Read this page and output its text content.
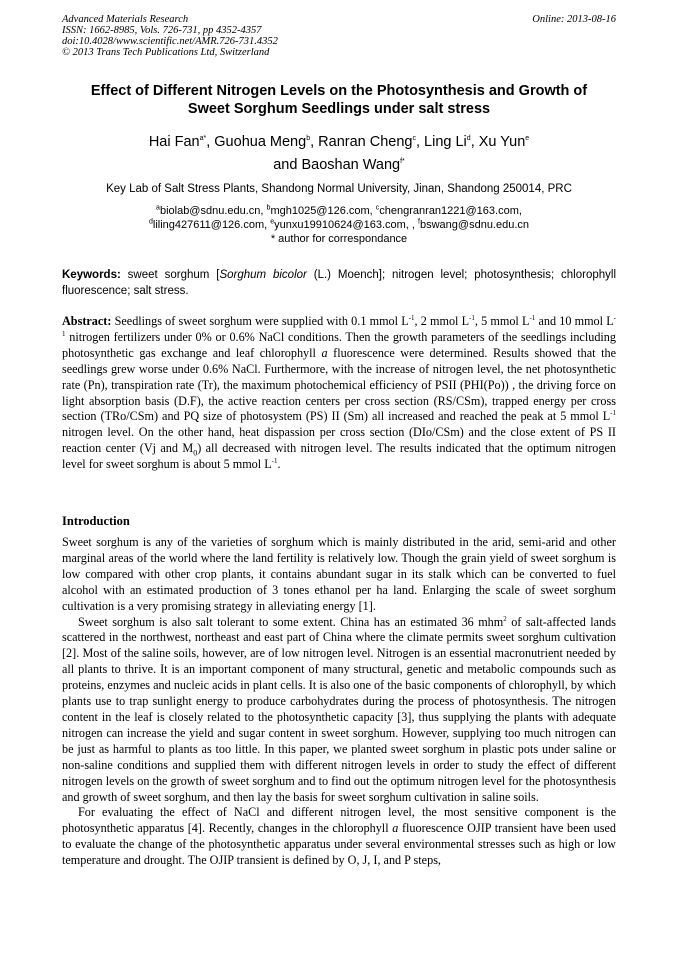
Advanced Materials Research
ISSN: 1662-8985, Vols. 726-731, pp 4352-4357
doi:10.4028/www.scientific.net/AMR.726-731.4352
© 2013 Trans Tech Publications Ltd, Switzerland
Online: 2013-08-16
Effect of Different Nitrogen Levels on the Photosynthesis and Growth of
Sweet Sorghum Seedlings under salt stress
Hai Fan$^{a*}$, Guohua Meng$^b$, Ranran Cheng$^c$, Ling Li$^d$, Xu Yun$^e$
and Baoshan Wang$^{f*}$
Key Lab of Salt Stress Plants, Shandong Normal University, Jinan, Shandong 250014, PRC
$^a$biolab@sdnu.edu.cn, $^b$mgh1025@126.com, $^c$chengranran1221@163.com,
$^d$liling427611@126.com, $^e$yunxu19910624@163.com, , $^f$bswang@sdnu.edu.cn
* author for correspondance
Keywords: sweet sorghum [Sorghum bicolor (L.) Moench]; nitrogen level; photosynthesis; chlorophyll fluorescence; salt stress.
Abstract: Seedlings of sweet sorghum were supplied with 0.1 mmol $L^{-1}$, 2 mmol $L^{-1}$, 5 mmol $L^{-1}$ and 10 mmol $L^{-1}$ nitrogen fertilizers under 0% or 0.6% NaCl conditions. Then the growth parameters of the seedlings including photosynthetic gas exchange and leaf chlorophyll a fluorescence were determined. Results showed that the seedlings grew worse under 0.6% NaCl. Furthermore, with the increase of nitrogen level, the net photosynthetic rate (Pn), transpiration rate (Tr), the maximum photochemical efficiency of PSII (PHI(Po)) , the driving force on light absorption basis (D.F), the active reaction centers per cross section (RS/CSm), trapped energy per cross section (TRo/CSm) and PQ size of photosystem (PS) II (Sm) all increased and reached the peak at 5 mmol $L^{-1}$ nitrogen level. On the other hand, heat dispassion per cross section (DIo/CSm) and the close extent of PS II reaction center (Vj and $M_0$) all decreased with nitrogen level. The results indicated that the optimum nitrogen level for sweet sorghum is about 5 mmol $L^{-1}$.
Introduction

Sweet sorghum is any of the varieties of sorghum which is mainly distributed in the arid, semi-arid and other marginal areas of the world where the land fertility is relatively low. Though the grain yield of sweet sorghum is low compared with other crop plants, it contains abundant sugar in its stalk which can be converted to fuel alcohol with an estimated production of 3 tones ethanol per ha land. Enlarging the scale of sweet sorghum cultivation is a very promising strategy in alleviating energy [1].

Sweet sorghum is also salt tolerant to some extent. China has an estimated 36 mhm$^2$ of salt-affected lands scattered in the northwest, northeast and east part of China where the climate permits sweet sorghum cultivation [2]. Most of the saline soils, however, are of low nitrogen level. Nitrogen is an essential macronutrient needed by all plants to thrive. It is an important component of many structural, genetic and metabolic compounds such as proteins, enzymes and nucleic acids in plant cells. It is also one of the basic components of chlorophyll, by which plants use to trap sunlight energy to produce carbohydrates during the process of photosynthesis. The nitrogen content in the leaf is closely related to the photosynthetic capacity [3], thus supplying the plants with adequate nitrogen can increase the yield and sugar content in sweet sorghum. However, supplying too much nitrogen can be just as harmful to plants as too little. In this paper, we planted sweet sorghum in plastic pots under saline or non-saline conditions and supplied them with different nitrogen levels in order to study the effect of different nitrogen levels on the growth of sweet sorghum and to find out the optimum nitrogen level for the photosynthesis and growth of sweet sorghum, and then lay the basis for sweet sorghum cultivation in saline soils.

For evaluating the effect of NaCl and different nitrogen level, the most sensitive component is the photosynthetic apparatus [4]. Recently, changes in the chlorophyll a fluorescence OJIP transient have been used to evaluate the change of the photosynthetic apparatus under several environmental stresses such as high or low temperature and drought. The OJIP transient is defined by O, J, I, and P steps,
